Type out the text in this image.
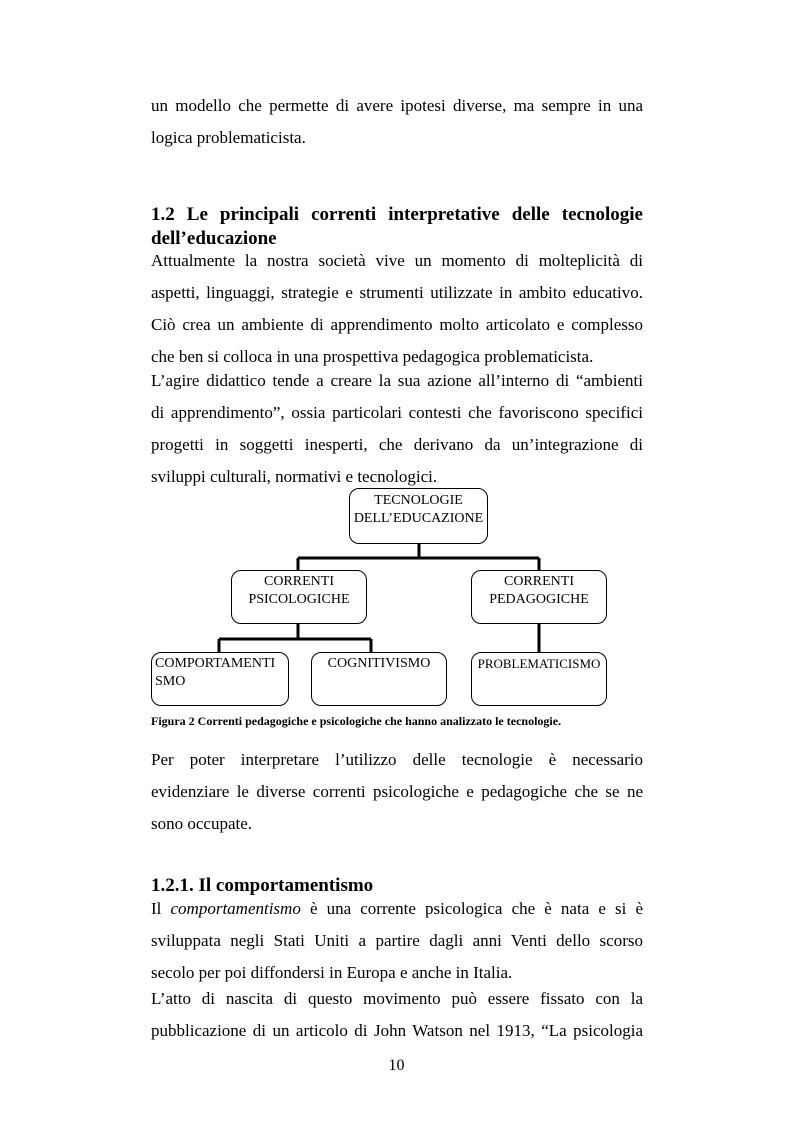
un modello che permette di avere ipotesi diverse, ma sempre in una
logica problematicista.
1.2 Le principali correnti interpretative delle tecnologie
dell’educazione
Attualmente la nostra società vive un momento di molteplicità di
aspetti, linguaggi, strategie e strumenti utilizzate in ambito educativo.
Ciò crea un ambiente di apprendimento molto articolato e complesso
che ben si colloca in una prospettiva pedagogica problematicista.
L’agire didattico tende a creare la sua azione all’interno di “ambienti
di apprendimento”, ossia particolari contesti che favoriscono specifici
progetti in soggetti inesperti, che derivano da un’integrazione di
sviluppi culturali, normativi e tecnologici.
TECNOLOGIE
DELL’EDUCAZIONE
CORRENTI
PSICOLOGICHE
CORRENTI
PEDAGOGICHE
COMPORTAMENTI
SMO
COGNITIVISMO	PROBLEMATICISMO
Figura 2 Correnti pedagogiche e psicologiche che hanno analizzato le tecnologie.
Per poter interpretare l’utilizzo delle tecnologie è necessario
evidenziare le diverse correnti psicologiche e pedagogiche che se ne
sono occupate.
1.2.1. Il comportamentismo
Il comportamentismo è una corrente psicologica che è nata e si è
sviluppata negli Stati Uniti a partire dagli anni Venti dello scorso
secolo per poi diffondersi in Europa e anche in Italia.
L’atto di nascita di questo movimento può essere fissato con la
pubblicazione di un articolo di John Watson nel 1913, “La psicologia
10
